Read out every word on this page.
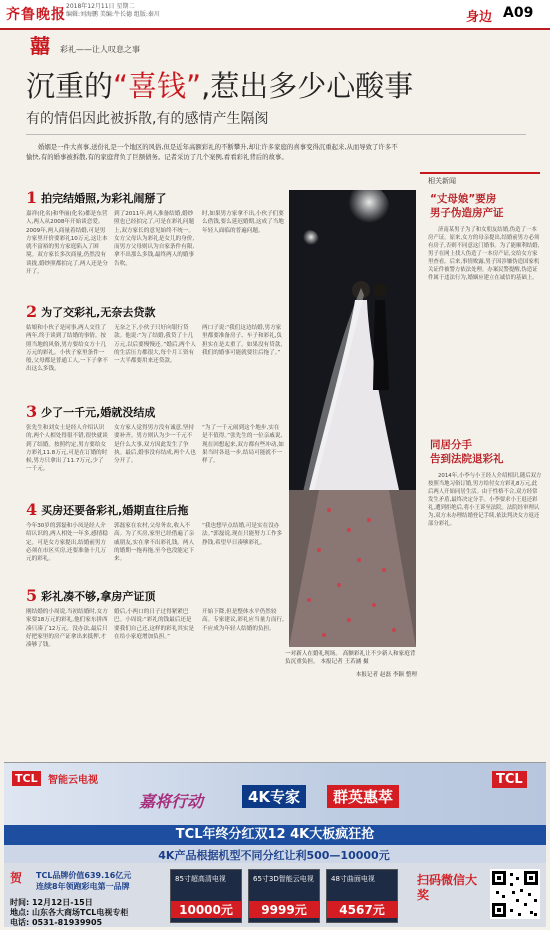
齐鲁晚报
2018年12月11日 星期二
编辑:刘海鹏 美编:牛长德 组版:秦川	身边 A09
囍	彩礼——让人叹息之事
沉重的“喜钱”,惹出多少心酸事
有的情侣因此被拆散,有的感情产生隔阂
婚姻是一件大喜事,送份礼是一个地区的风俗,但是近年高额彩礼的不断攀升,却让许多家庭的喜事变得沉重起来,从而导致了许多不愉快,有的婚事被拆散,有的家庭背负了巨额债务。记者采访了几个案例,看看彩礼背后的故事。
1 拍完结婚照,为彩礼闹掰了
嘉祥(化名)和华丽(化名)都是东营人,两人从2008年开始谈恋爱。2009年,两人商量着结婚,可是男方家里开价要彩礼10万元,这让本就不富裕的男方家庭陷入了困境。双方家长多次商量,仍然没有谈拢,婚纱照都拍完了,两人还是分开了。
到了2011年,两人准备结婚,婚纱照也已经拍完了,可是在彩礼问题上,双方家长的意见始终不统一。女方父母认为彩礼是女儿的身价,而男方父母则认为自家条件有限,拿不出那么多钱,最终两人的婚事告吹。
时,如果男方家拿不出,小伙子们要么借钱,要么延迟婚期,这成了当地年轻人面临的普遍问题。
2 为了交彩礼,无奈去贷款
姑娘和小伙子是同事,两人交往了两年,终于谈到了结婚的事情。按照当地的风俗,男方要给女方十几万元的彩礼。小伙子家里条件一般,父母都是普通工人,一下子拿不出这么多钱。
无奈之下,小伙子只好向银行贷款。他说:“为了结婚,我贷了十几万元,以后要慢慢还。”婚后,两个人的生活压力都很大,每个月工资有一大半都要用来还贷款。
两口子说:“我们这边结婚,男方家里都要准备房子、车子和彩礼,负担实在是太重了。如果没有贷款,我们的婚事可能就要往后拖了。”
3 少了一千元,婚就没结成
张先生和刘女士是经人介绍认识的,两个人相处得很不错,很快就谈到了结婚。按照约定,男方要给女方彩礼11.8万元,可是在订婚的时候,男方只拿出了11.7万元,少了一千元。
女方家人觉得男方没有诚意,坚持要补齐。男方则认为少一千元不是什么大事,双方因此发生了争执。最后,婚事没有结成,两个人也分开了。
“为了一千元闹到这个地步,实在是不值得。”张先生的一位亲戚说,现在回想起来,双方都有些冲动,如果当时各退一步,结局可能就不一样了。
4 买房还要备彩礼,婚期直往后拖
今年30岁的郭磊和小凤是经人介绍认识的,两人相处一年多,感情稳定。可是女方家提出,结婚前男方必须在市区买房,还要准备十几万元的彩礼。
郭磊家在农村,父母务农,收入不高。为了买房,家里已经借遍了亲戚朋友,实在拿不出彩礼钱。两人的婚期一拖再拖,至今也没能定下来。
“我也想早点结婚,可是实在没办法。”郭磊说,现在只能努力工作多挣钱,希望早日凑够彩礼。
5 彩礼凑不够,拿房产证顶
刚结婚的小周说,当初结婚时,女方家要18万元的彩礼,他们家东拼西凑只凑了12万元。没办法,最后只好把家里的房产证拿出来抵押,才凑够了钱。
婚后,小两口的日子过得紧紧巴巴。小周说:“彩礼的钱最后还是要我们自己还,这样的彩礼其实是在给小家庭增加负担。”
开始下降,但是整体水平仍然较高。专家建议,彩礼应当量力而行,不应成为年轻人结婚的负担。
一对新人在婚礼现场。 高额彩礼让不少新人和家庭背负沉重负担。 本报记者 王若涵 摄
本报记者 赵磊 李颖 整理
相关新闻
“丈母娘”要房
男子伪造房产证
济南某男子为了和女朋友结婚,伪造了一本房产证。原来,女方的母亲提出,结婚前男方必须有房子,否则不同意这门婚事。为了能顺利结婚,男子在网上找人伪造了一本房产证,交给女方家里查看。后来,事情败露,男子因涉嫌伪造国家机关证件被警方依法处理。办案民警提醒,伪造证件属于违法行为,婚姻应建立在诚信的基础上。
同居分手
告到法院退彩礼
2014年,小李与小王经人介绍相识,随后双方按照当地习俗订婚,男方给付女方彩礼8万元,此后两人开始同居生活。由于性格不合,双方经常发生矛盾,最终决定分手。小李要求小王退还彩礼,遭到拒绝后,将小王诉至法院。法院经审理认为,双方未办理结婚登记手续,依法判决女方返还部分彩礼。
TCL	智能云电视
嘉将行动	4K专家	群英惠萃
TCL
TCL年终分红双12 4K大板疯狂抢
4K产品根据机型不同分红让利500—10000元
贺 TCL品牌价值639.16亿元
连续8年领跑彩电第一品牌
时间: 12月12日-15日
地点: 山东各大商场TCL电视专柜
电话: 0531-81939905
85寸超高清电视
10000元
65寸3D智能云电视
9999元
48寸曲面电视
4567元
扫码微信大奖
